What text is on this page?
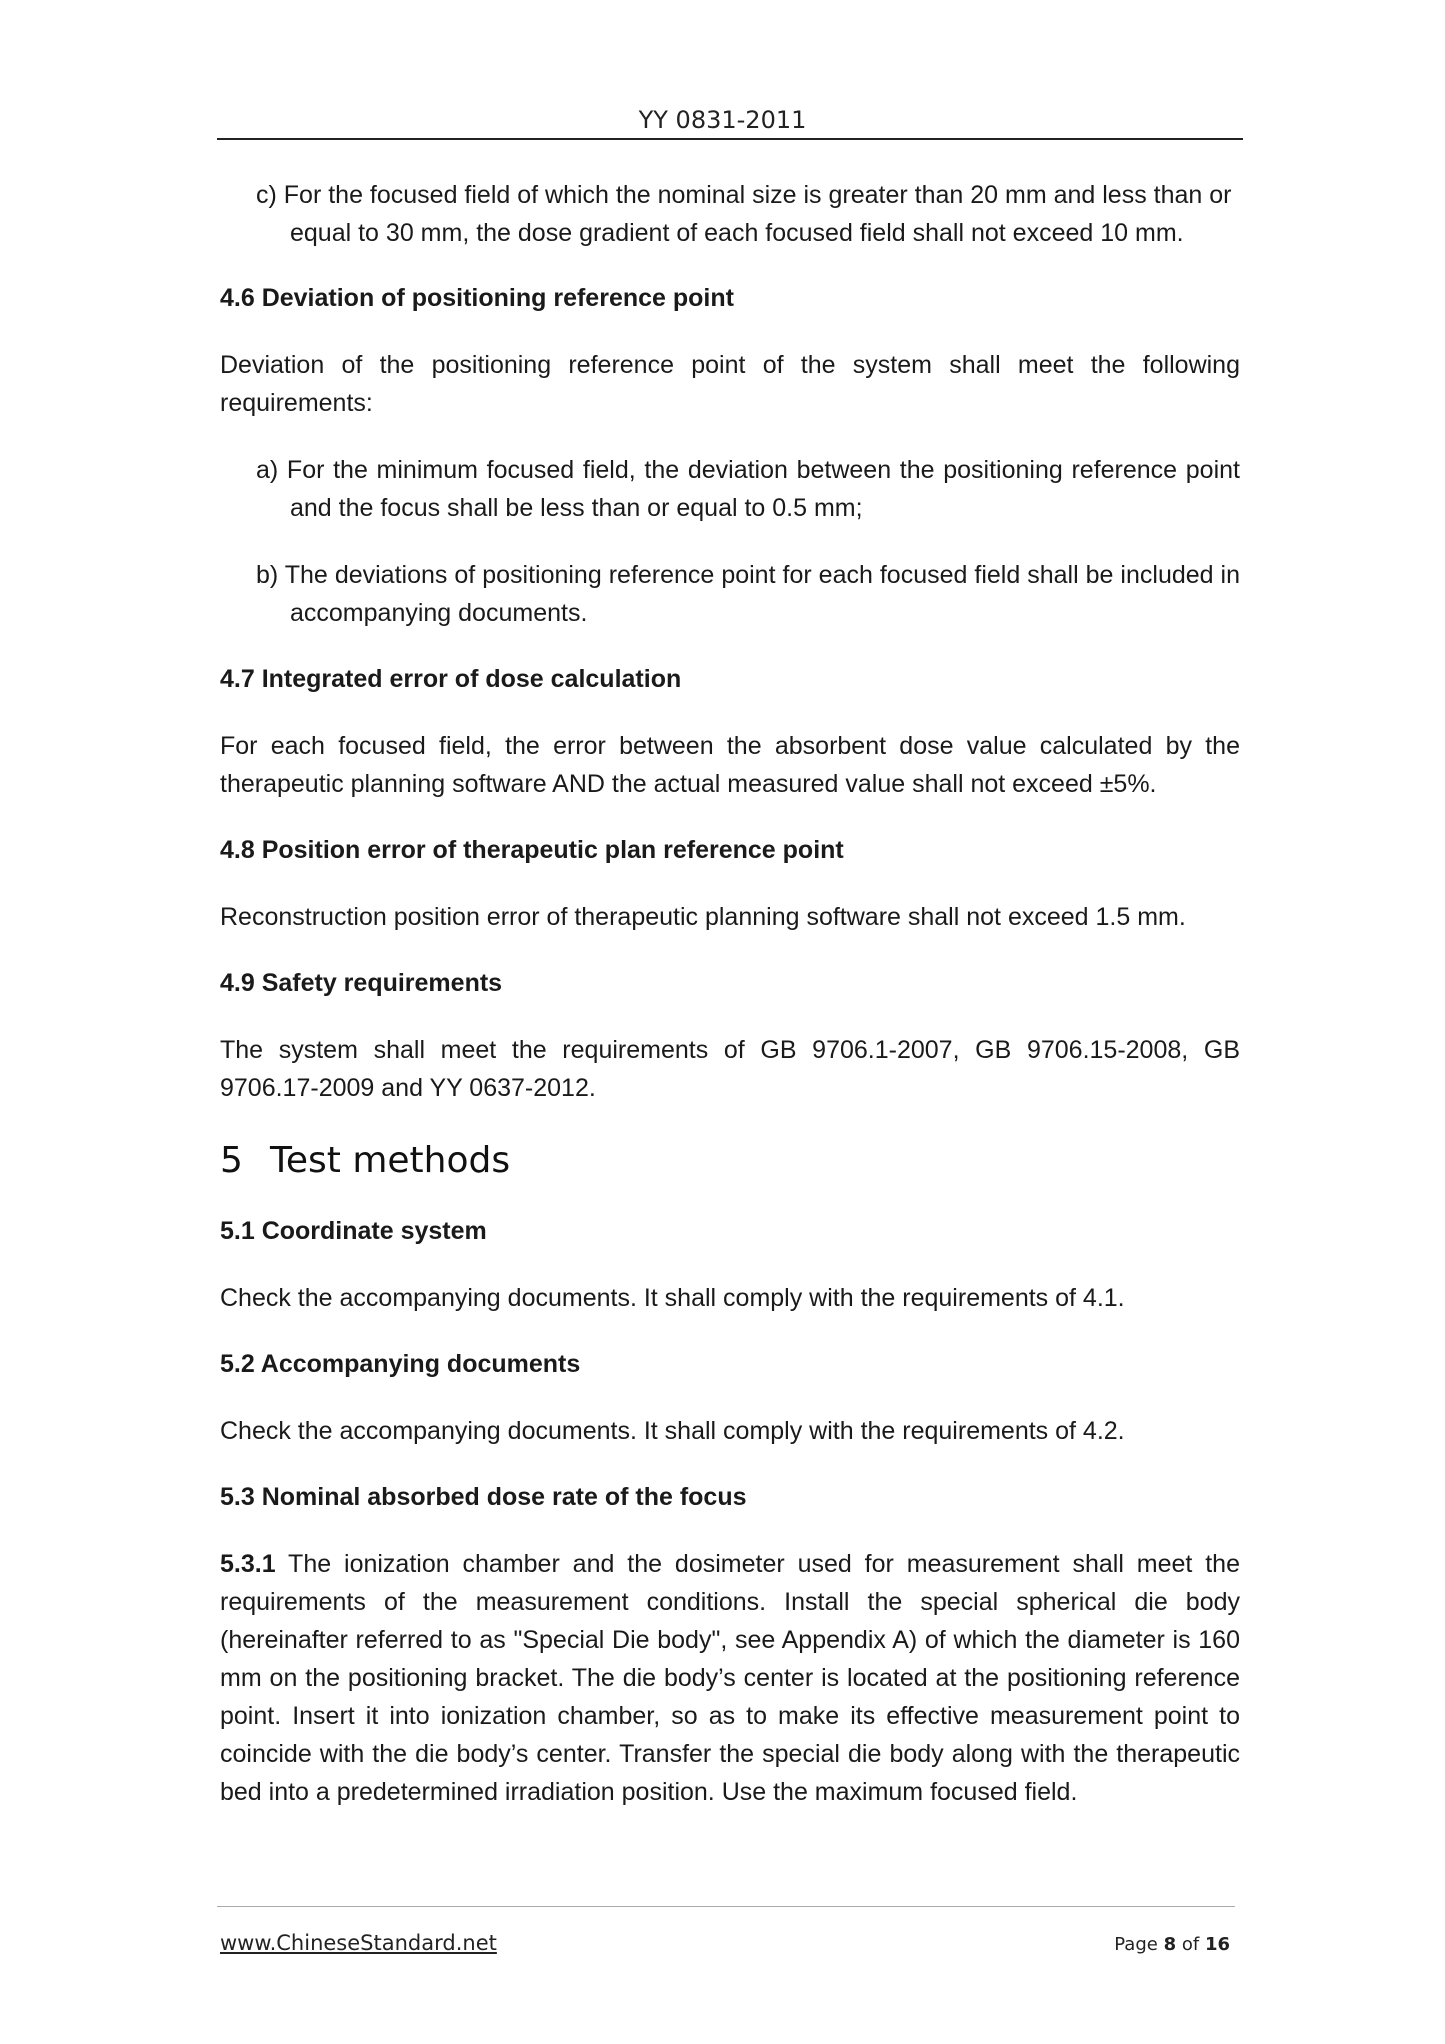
YY 0831-2011

c) For the focused field of which the nominal size is greater than 20 mm and less than or equal to 30 mm, the dose gradient of each focused field shall not exceed 10 mm.

4.6 Deviation of positioning reference point

Deviation of the positioning reference point of the system shall meet the following requirements:

a) For the minimum focused field, the deviation between the positioning reference point and the focus shall be less than or equal to 0.5 mm;

b) The deviations of positioning reference point for each focused field shall be included in accompanying documents.

4.7 Integrated error of dose calculation

For each focused field, the error between the absorbent dose value calculated by the therapeutic planning software AND the actual measured value shall not exceed ±5%.

4.8 Position error of therapeutic plan reference point

Reconstruction position error of therapeutic planning software shall not exceed 1.5 mm.

4.9 Safety requirements

The system shall meet the requirements of GB 9706.1-2007, GB 9706.15-2008, GB 9706.17-2009 and YY 0637-2012.

5 Test methods
5.1 Coordinate system

Check the accompanying documents. It shall comply with the requirements of 4.1.

5.2 Accompanying documents

Check the accompanying documents. It shall comply with the requirements of 4.2.

5.3 Nominal absorbed dose rate of the focus

5.3.1 The ionization chamber and the dosimeter used for measurement shall meet the requirements of the measurement conditions. Install the special spherical die body (hereinafter referred to as "Special Die body", see Appendix A) of which the diameter is 160 mm on the positioning bracket. The die body’s center is located at the positioning reference point. Insert it into ionization chamber, so as to make its effective measurement point to coincide with the die body’s center. Transfer the special die body along with the therapeutic bed into a predetermined irradiation position. Use the maximum focused field.

www.ChineseStandard.net	Page 8 of 16
